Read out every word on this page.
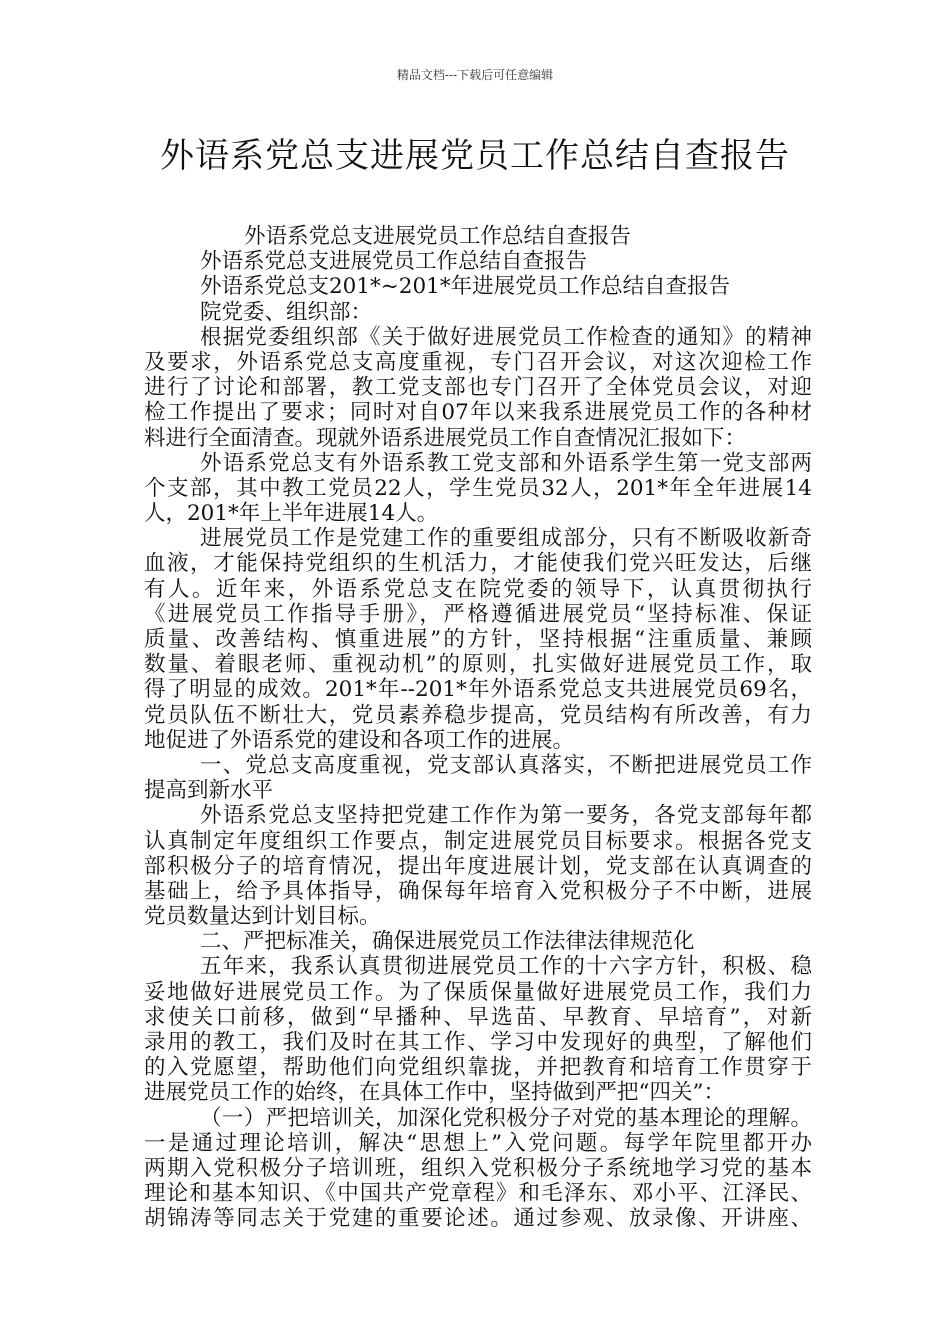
精品文档---下载后可任意编辑
外语系党总支进展党员工作总结自查报告
外语系党总支进展党员工作总结自查报告
外语系党总支进展党员工作总结自查报告
外语系党总支201*~201*年进展党员工作总结自查报告
院党委、组织部：
根据党委组织部《关于做好进展党员工作检查的通知》的精神
及要求，外语系党总支高度重视，专门召开会议，对这次迎检工作
进行了讨论和部署，教工党支部也专门召开了全体党员会议，对迎
检工作提出了要求；同时对自07年以来我系进展党员工作的各种材
料进行全面清查。现就外语系进展党员工作自查情况汇报如下：
外语系党总支有外语系教工党支部和外语系学生第一党支部两
个支部，其中教工党员22人，学生党员32人，201*年全年进展14
人，201*年上半年进展14人。
进展党员工作是党建工作的重要组成部分，只有不断吸收新奇
血液，才能保持党组织的生机活力，才能使我们党兴旺发达，后继
有人。近年来，外语系党总支在院党委的领导下，认真贯彻执行
《进展党员工作指导手册》，严格遵循进展党员“坚持标准、保证
质量、改善结构、慎重进展”的方针，坚持根据“注重质量、兼顾
数量、着眼老师、重视动机”的原则，扎实做好进展党员工作，取
得了明显的成效。201*年--201*年外语系党总支共进展党员69名，
党员队伍不断壮大，党员素养稳步提高，党员结构有所改善，有力
地促进了外语系党的建设和各项工作的进展。
一、党总支高度重视，党支部认真落实，不断把进展党员工作
提高到新水平
外语系党总支坚持把党建工作作为第一要务，各党支部每年都
认真制定年度组织工作要点，制定进展党员目标要求。根据各党支
部积极分子的培育情况，提出年度进展计划，党支部在认真调查的
基础上，给予具体指导，确保每年培育入党积极分子不中断，进展
党员数量达到计划目标。
二、严把标准关，确保进展党员工作法律法律规范化
五年来，我系认真贯彻进展党员工作的十六字方针，积极、稳
妥地做好进展党员工作。为了保质保量做好进展党员工作，我们力
求使关口前移，做到“早播种、早选苗、早教育、早培育”，对新
录用的教工，我们及时在其工作、学习中发现好的典型，了解他们
的入党愿望，帮助他们向党组织靠拢，并把教育和培育工作贯穿于
进展党员工作的始终，在具体工作中，坚持做到严把“四关”：
（一）严把培训关，加深化党积极分子对党的基本理论的理解。
一是通过理论培训，解决“思想上”入党问题。每学年院里都开办
两期入党积极分子培训班，组织入党积极分子系统地学习党的基本
理论和基本知识、《中国共产党章程》和毛泽东、邓小平、江泽民、
胡锦涛等同志关于党建的重要论述。通过参观、放录像、开讲座、
